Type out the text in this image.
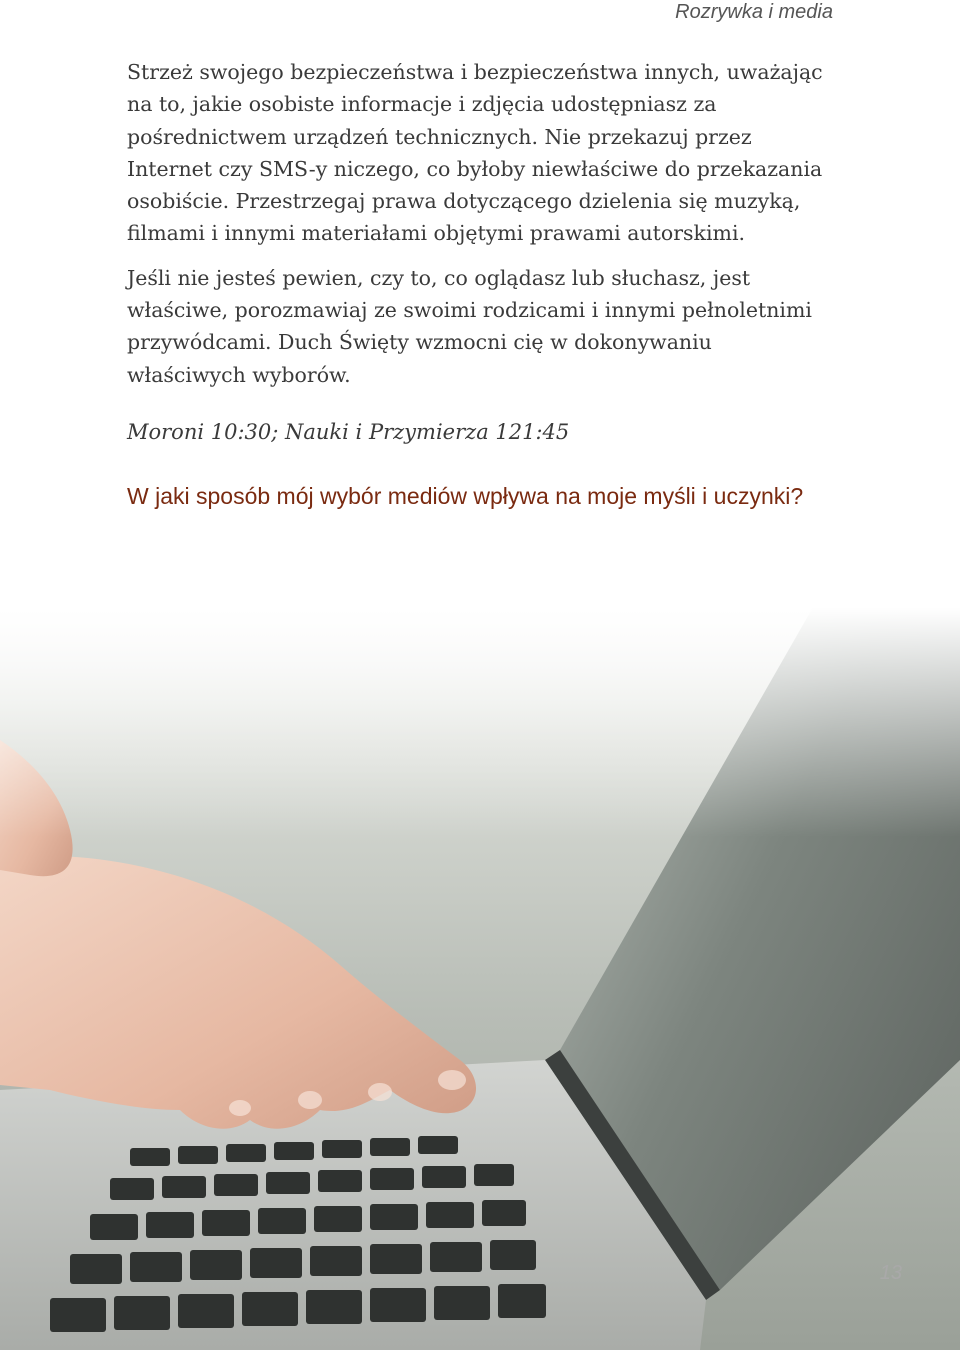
Rozrywka i media

Strzeż swojego bezpieczeństwa i bezpieczeństwa innych, uważając na to, jakie osobiste informacje i zdjęcia udostępniasz za pośrednictwem urządzeń technicznych. Nie przekazuj przez Internet czy SMS-y niczego, co byłoby niewłaściwe do przekazania osobiście. Przestrzegaj prawa dotyczącego dzielenia się muzyką, filmami i innymi materiałami objętymi prawami autorskimi.

Jeśli nie jesteś pewien, czy to, co oglądasz lub słuchasz, jest właściwe, porozmawiaj ze swoimi rodzicami i innymi pełnoletnimi przywódcami. Duch Święty wzmocni cię w dokonywaniu właściwych wyborów.

Moroni 10:30; Nauki i Przymierza 121:45
W jaki sposób mój wybór mediów wpływa na moje myśli i uczynki?
13
